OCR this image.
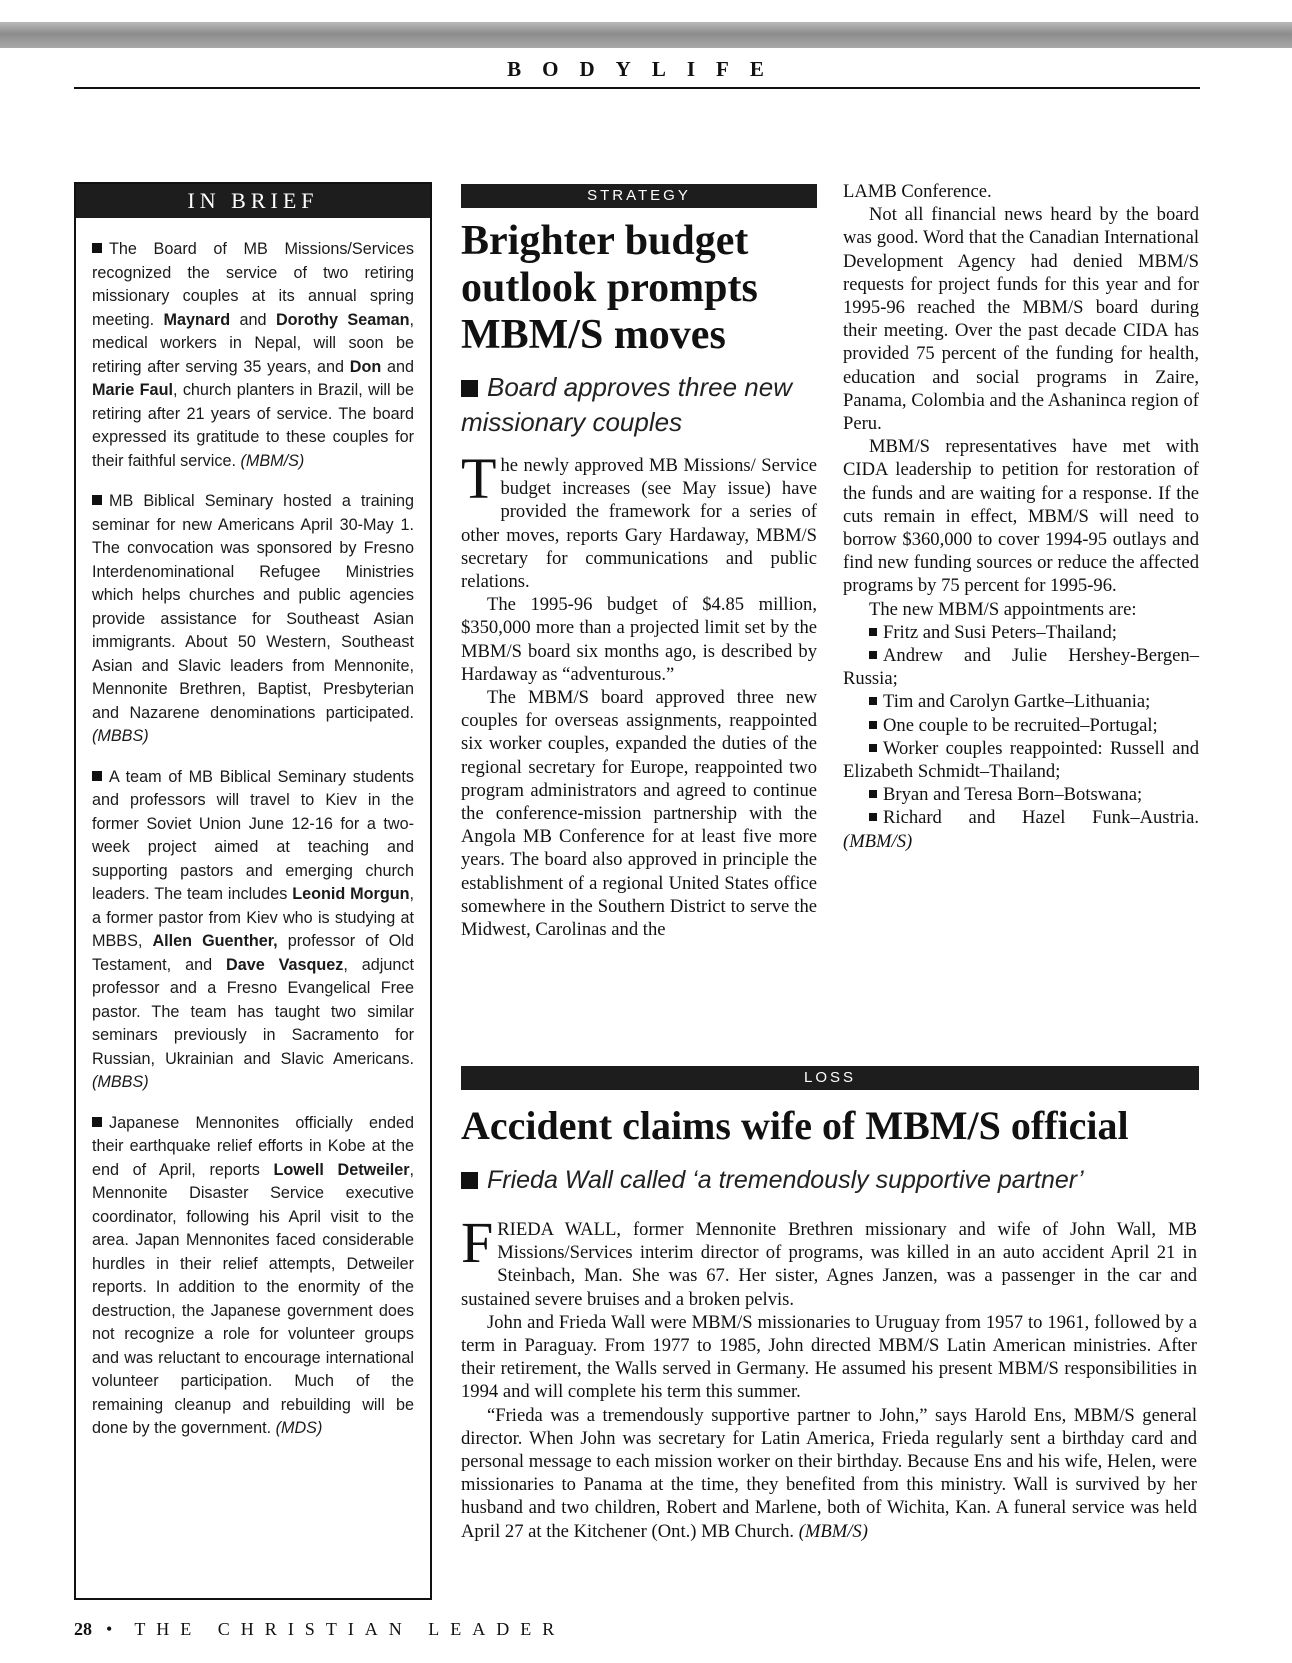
BODYLIFE
IN BRIEF

The Board of MB Missions/Services recognized the service of two retiring missionary couples at its annual spring meeting. Maynard and Dorothy Seaman, medical workers in Nepal, will soon be retiring after serving 35 years, and Don and Marie Faul, church planters in Brazil, will be retiring after 21 years of service. The board expressed its gratitude to these couples for their faithful service. (MBM/S)

MB Biblical Seminary hosted a training seminar for new Americans April 30-May 1. The convocation was sponsored by Fresno Interdenominational Refugee Ministries which helps churches and public agencies provide assistance for Southeast Asian immigrants. About 50 Western, Southeast Asian and Slavic leaders from Mennonite, Mennonite Brethren, Baptist, Presbyterian and Nazarene denominations participated. (MBBS)

A team of MB Biblical Seminary students and professors will travel to Kiev in the former Soviet Union June 12-16 for a two-week project aimed at teaching and supporting pastors and emerging church leaders. The team includes Leonid Morgun, a former pastor from Kiev who is studying at MBBS, Allen Guenther, professor of Old Testament, and Dave Vasquez, adjunct professor and a Fresno Evangelical Free pastor. The team has taught two similar seminars previously in Sacramento for Russian, Ukrainian and Slavic Americans. (MBBS)

Japanese Mennonites officially ended their earthquake relief efforts in Kobe at the end of April, reports Lowell Detweiler, Mennonite Disaster Service executive coordinator, following his April visit to the area. Japan Mennonites faced considerable hurdles in their relief attempts, Detweiler reports. In addition to the enormity of the destruction, the Japanese government does not recognize a role for volunteer groups and was reluctant to encourage international volunteer participation. Much of the remaining cleanup and rebuilding will be done by the government. (MDS)

STRATEGY
Brighter budget outlook prompts MBM/S moves

Board approves three new missionary couples

The newly approved MB Missions/ Service budget increases (see May issue) have provided the framework for a series of other moves, reports Gary Hardaway, MBM/S secretary for communications and public relations.

The 1995-96 budget of $4.85 million, $350,000 more than a projected limit set by the MBM/S board six months ago, is described by Hardaway as “adventurous.”

The MBM/S board approved three new couples for overseas assignments, reappointed six worker couples, expanded the duties of the regional secretary for Europe, reappointed two program administrators and agreed to continue the conference-mission partnership with the Angola MB Conference for at least five more years. The board also approved in principle the establishment of a regional United States office somewhere in the Southern District to serve the Midwest, Carolinas and the

LAMB Conference.

Not all financial news heard by the board was good. Word that the Canadian International Development Agency had denied MBM/S requests for project funds for this year and for 1995-96 reached the MBM/S board during their meeting. Over the past decade CIDA has provided 75 percent of the funding for health, education and social programs in Zaire, Panama, Colombia and the Ashaninca region of Peru.

MBM/S representatives have met with CIDA leadership to petition for restoration of the funds and are waiting for a response. If the cuts remain in effect, MBM/S will need to borrow $360,000 to cover 1994-95 outlays and find new funding sources or reduce the affected programs by 75 percent for 1995-96.

The new MBM/S appointments are:

Fritz and Susi Peters–Thailand;

Andrew and Julie Hershey-Bergen–Russia;

Tim and Carolyn Gartke–Lithuania;

One couple to be recruited–Portugal;

Worker couples reappointed: Russell and Elizabeth Schmidt–Thailand;

Bryan and Teresa Born–Botswana;

Richard and Hazel Funk–Austria. (MBM/S)

LOSS
Accident claims wife of MBM/S official

Frieda Wall called ‘a tremendously supportive partner’

FRIEDA WALL, former Mennonite Brethren missionary and wife of John Wall, MB Missions/Services interim director of programs, was killed in an auto accident April 21 in Steinbach, Man. She was 67. Her sister, Agnes Janzen, was a passenger in the car and sustained severe bruises and a broken pelvis.

John and Frieda Wall were MBM/S missionaries to Uruguay from 1957 to 1961, followed by a term in Paraguay. From 1977 to 1985, John directed MBM/S Latin American ministries. After their retirement, the Walls served in Germany. He assumed his present MBM/S responsibilities in 1994 and will complete his term this summer.

“Frieda was a tremendously supportive partner to John,” says Harold Ens, MBM/S general director. When John was secretary for Latin America, Frieda regularly sent a birthday card and personal message to each mission worker on their birthday. Because Ens and his wife, Helen, were missionaries to Panama at the time, they benefited from this ministry. Wall is survived by her husband and two children, Robert and Marlene, both of Wichita, Kan. A funeral service was held April 27 at the Kitchener (Ont.) MB Church. (MBM/S)

28 • THE CHRISTIAN LEADER
